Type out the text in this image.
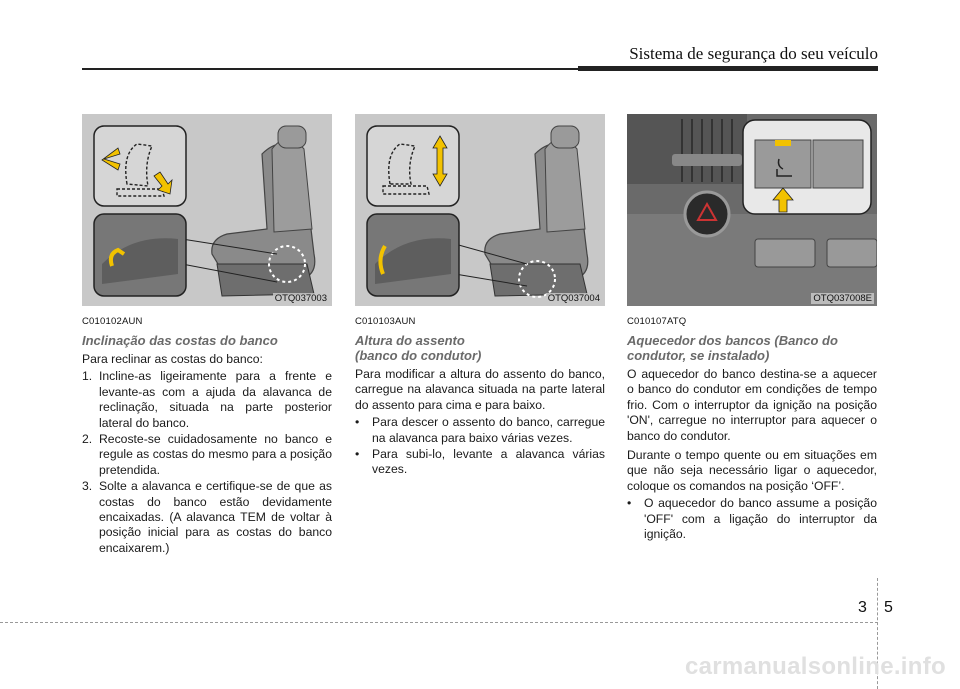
Sistema de segurança do seu veículo
OTQ037003
C010102AUN
Inclinação das costas do banco
Para reclinar as costas do banco:
1. Incline-as ligeiramente para a frente e levante-as com a ajuda da alavanca de reclinação, situada na parte posterior lateral do banco.
2. Recoste-se cuidadosamente no banco e regule as costas do mesmo para a posição pretendida.
3. Solte a alavanca e certifique-se de que as costas do banco estão devidamente encaixadas. (A alavanca TEM de voltar à posição inicial para as costas do banco encaixarem.)
OTQ037004
C010103AUN
Altura do assento
(banco do condutor)
Para modificar a altura do assento do banco, carregue na alavanca situada na parte lateral do assento para cima e para baixo.
• Para descer o assento do banco, carregue na alavanca para baixo várias vezes.
• Para subi-lo, levante a alavanca várias vezes.
OTQ037008E
C010107ATQ
Aquecedor dos bancos (Banco do condutor, se instalado)
O aquecedor do banco destina-se a aquecer o banco do condutor em condições de tempo frio. Com o interruptor da ignição na posição 'ON', carregue no interruptor para aquecer o banco do condutor.
Durante o tempo quente ou em situações em que não seja necessário ligar o aquecedor, coloque os comandos na posição ‘OFF’.
• O aquecedor do banco assume a posição 'OFF' com a ligação do interruptor da ignição.
3 5
carmanualsonline.info
